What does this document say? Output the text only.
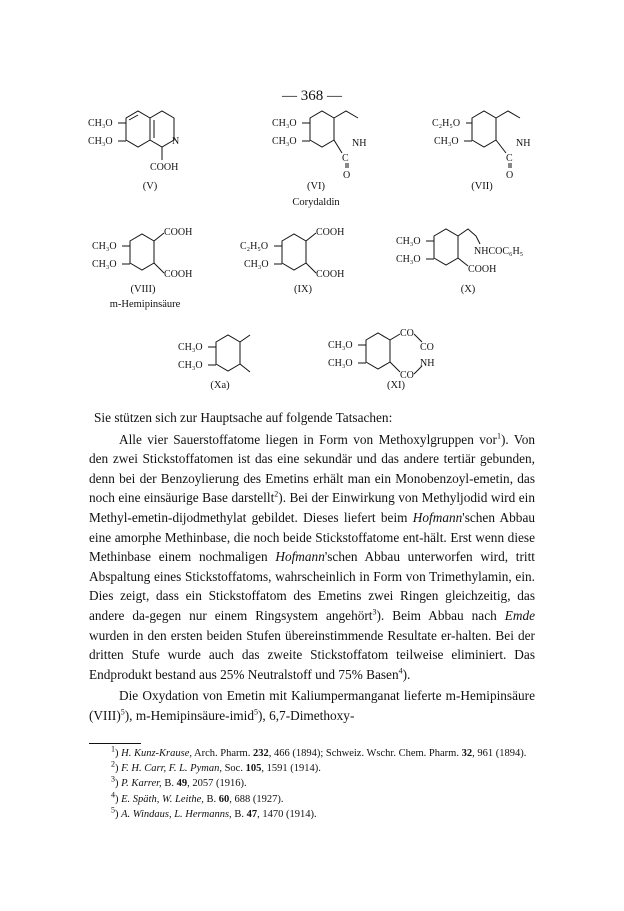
— 368 —
CH₃O
CH₃O	N
COOH
(V)
CH₃O
CH₃O	NH
C
O
(VI)
Corydaldin
C₂H₅O
CH₃O	NH
C
O
(VII)
CH₃O
CH₃O
COOH
COOH
(VIII)
m-Hemipinsäure
C₂H₅O
CH₃O
COOH
COOH
(IX)
CH₃O
CH₃O
NHCOC₆H₅
COOH
(X)
CH₃O
CH₃O
(Xa)
CH₃O
CH₃O
CO
CO
NH
CO
(XI)

Sie stützen sich zur Hauptsache auf folgende Tatsachen:

Alle vier Sauerstoffatome liegen in Form von Methoxylgruppen vor$^1$). Von den zwei Stickstoffatomen ist das eine sekundär und das andere tertiär gebunden, denn bei der Benzoylierung des Emetins erhält man ein Monobenzoyl-emetin, das noch eine einsäurige Base darstellt$^2$). Bei der Einwirkung von Methyljodid wird ein Methyl-emetin-dijodmethylat gebildet. Dieses liefert beim Hofmann'schen Abbau eine amorphe Methinbase, die noch beide Stickstoffatome ent-hält. Erst wenn diese Methinbase einem nochmaligen Hofmann'schen Abbau unterworfen wird, tritt Abspaltung eines Stickstoffatoms, wahrscheinlich in Form von Trimethylamin, ein. Dies zeigt, dass ein Stickstoffatom des Emetins zwei Ringen gleichzeitig, das andere da-gegen nur einem Ringsystem angehört$^3$). Beim Abbau nach Emde wurden in den ersten beiden Stufen übereinstimmende Resultate er-halten. Bei der dritten Stufe wurde auch das zweite Stickstoffatom teilweise eliminiert. Das Endprodukt bestand aus 25% Neutralstoff und 75% Basen$^4$).

Die Oxydation von Emetin mit Kaliumpermanganat lieferte m-Hemipinsäure (VIII)$^5$), m-Hemipinsäure-imid$^5$), 6,7-Dimethoxy-

$^1$) H. Kunz-Krause, Arch. Pharm. 232, 466 (1894); Schweiz. Wschr. Chem. Pharm. 32, 961 (1894).

$^2$) F. H. Carr, F. L. Pyman, Soc. 105, 1591 (1914).

$^3$) P. Karrer, B. 49, 2057 (1916).

$^4$) E. Späth, W. Leithe, B. 60, 688 (1927).

$^5$) A. Windaus, L. Hermanns, B. 47, 1470 (1914).
